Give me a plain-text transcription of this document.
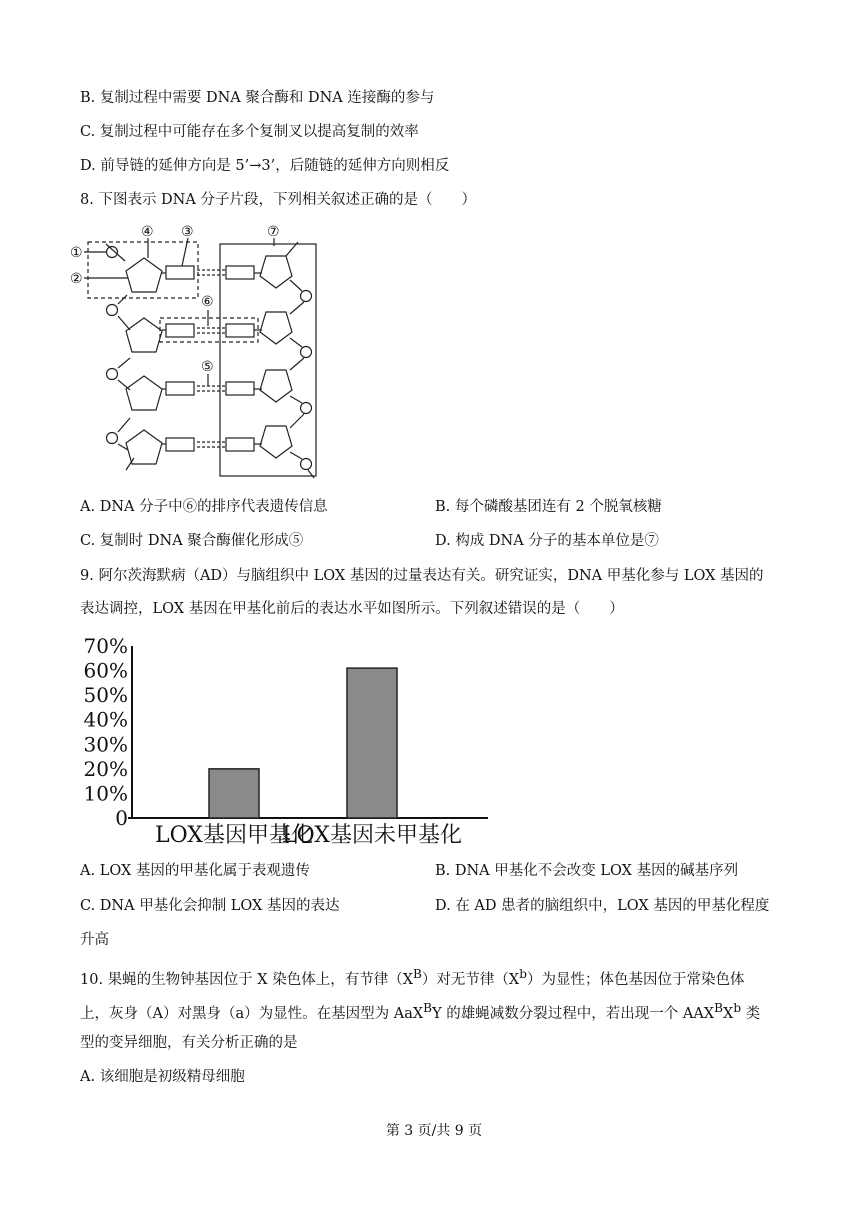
B. 复制过程中需要 DNA 聚合酶和 DNA 连接酶的参与
C. 复制过程中可能存在多个复制叉以提高复制的效率
D. 前导链的延伸方向是 5’→3’，后随链的延伸方向则相反
8. 下图表示 DNA 分子片段，下列相关叙述正确的是（　　）
①
②
③
④
⑤
⑥
⑦
A. DNA 分子中⑥的排序代表遗传信息	B. 每个磷酸基团连有 2 个脱氧核糖
C. 复制时 DNA 聚合酶催化形成⑤	D. 构成 DNA 分子的基本单位是⑦
9. 阿尔茨海默病（AD）与脑组织中 LOX 基因的过量表达有关。研究证实，DNA 甲基化参与 LOX 基因的
表达调控，LOX 基因在甲基化前后的表达水平如图所示。下列叙述错误的是（　　）
0
10%
20%
30%
40%
50%
60%
70%
LOX基因甲基化
LOX基因未甲基化
A. LOX 基因的甲基化属于表观遗传	B. DNA 甲基化不会改变 LOX 基因的碱基序列
C. DNA 甲基化会抑制 LOX 基因的表达	D. 在 AD 患者的脑组织中，LOX 基因的甲基化程度
升高
10. 果蝇的生物钟基因位于 X 染色体上，有节律$(X^B)$对无节律$(X^b)$为显性；体色基因位于常染色体
上，灰身（A）对黑身（a）为显性。在基因型为 AaX$^B$Y 的雄蝇减数分裂过程中，若出现一个 $AAX^BX^b$ 类
型的变异细胞，有关分析正确的是
A. 该细胞是初级精母细胞
第 3 页/共 9 页
